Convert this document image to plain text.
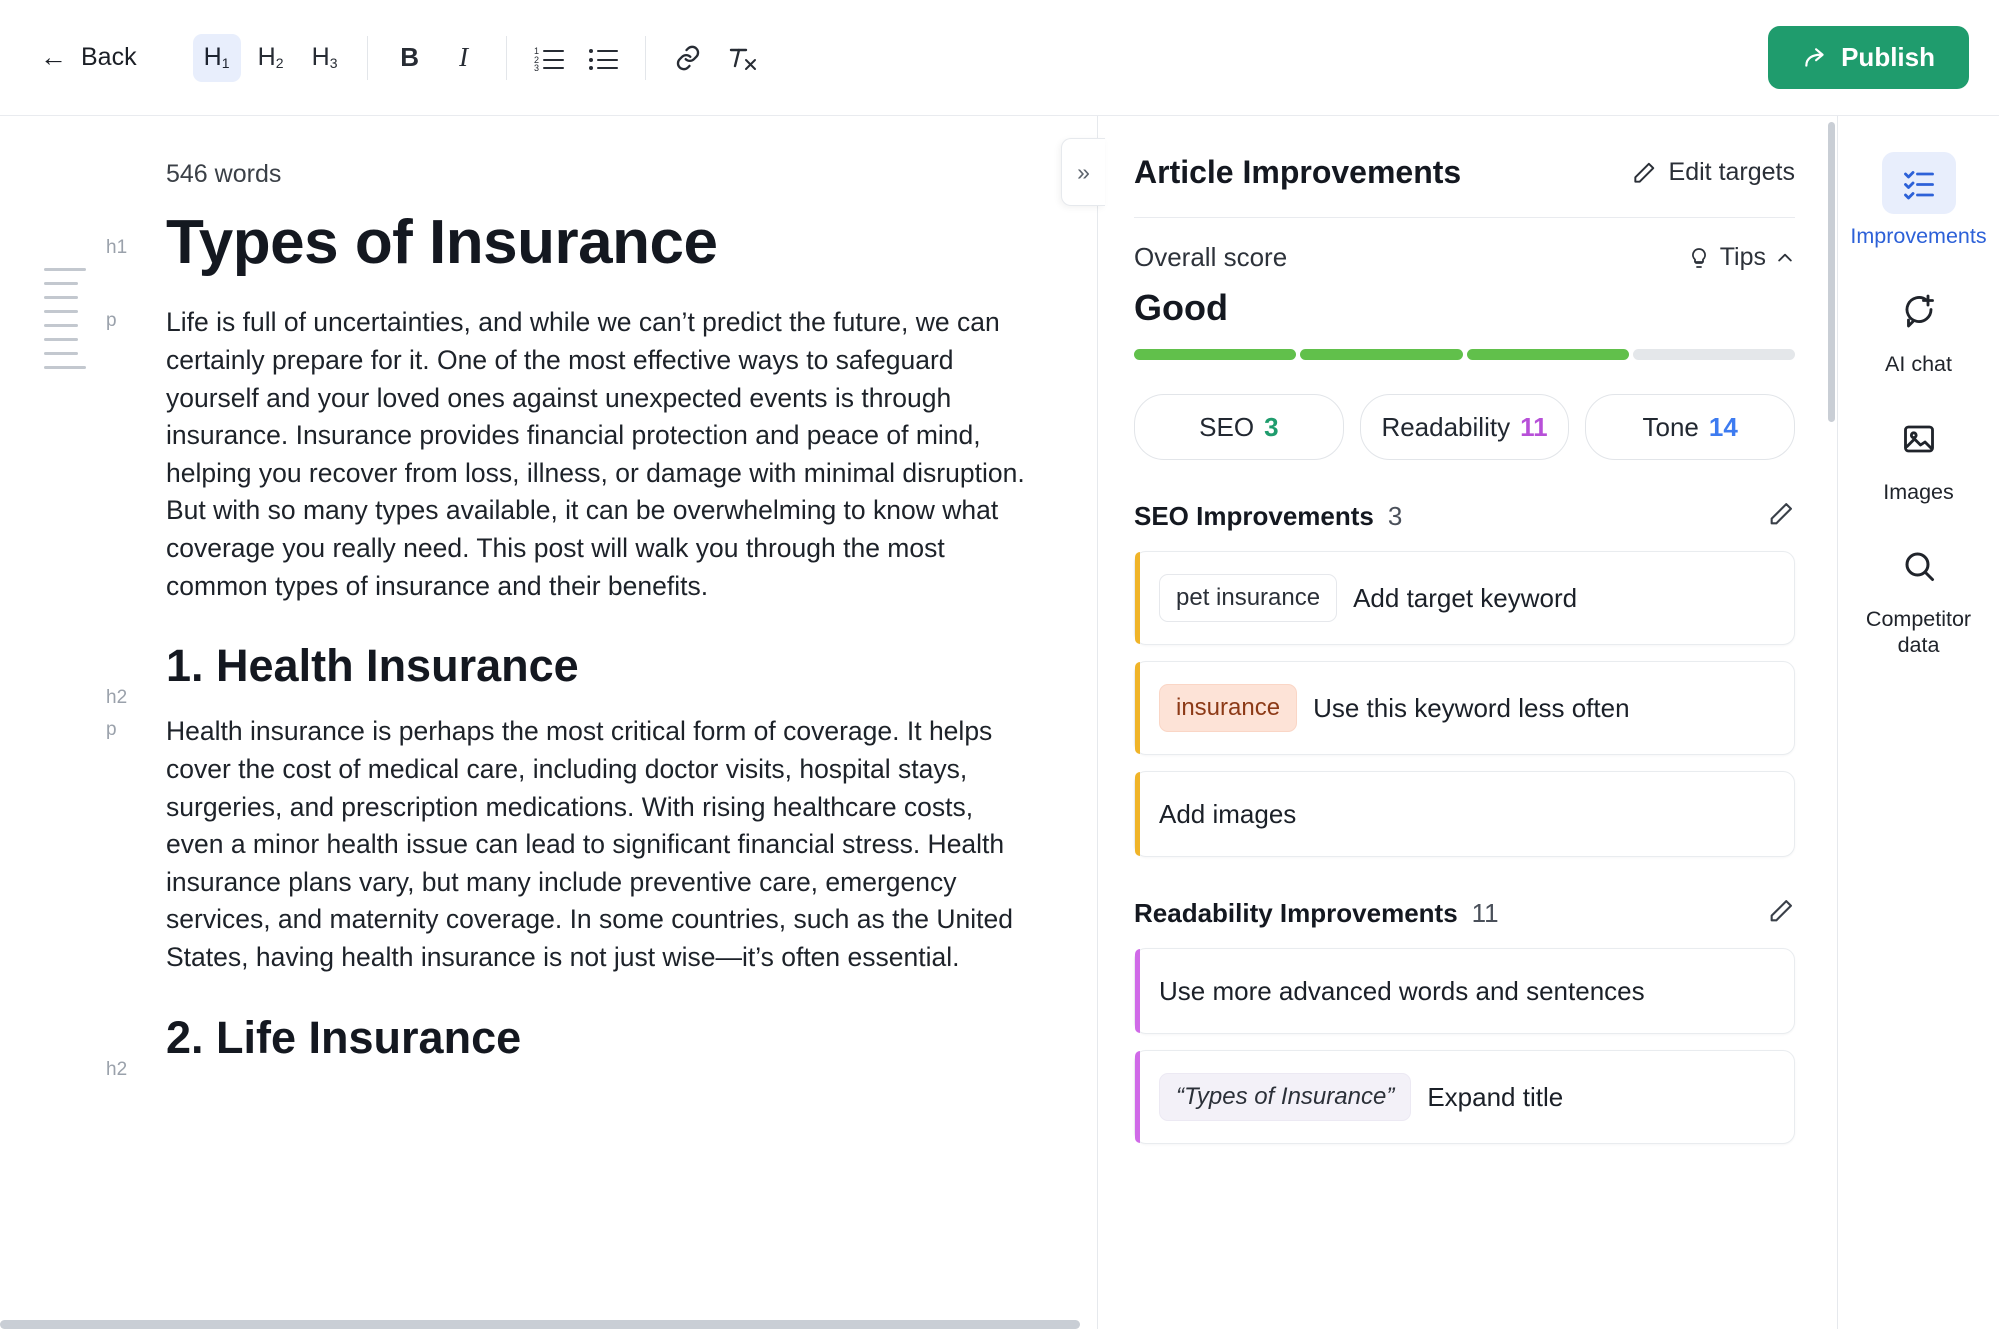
← Back	$H_1$	$H_2$	$H_3$	B	I	1
2
3	Publish
546 words
h1 Types of Insurance
p Life is full of uncertainties, and while we can’t predict the future, we can certainly prepare for it. One of the most effective ways to safeguard yourself and your loved ones against unexpected events is through insurance. Insurance provides financial protection and peace of mind, helping you recover from loss, illness, or damage with minimal disruption. But with so many types available, it can be overwhelming to know what coverage you really need. This post will walk you through the most common types of insurance and their benefits.
h2
1. Health Insurance
p Health insurance is perhaps the most critical form of coverage. It helps cover the cost of medical care, including doctor visits, hospital stays, surgeries, and prescription medications. With rising healthcare costs, even a minor health issue can lead to significant financial stress. Health insurance plans vary, but many include preventive care, emergency services, and maternity coverage. In some countries, such as the United States, having health insurance is not just wise—it’s often essential.
h2
2. Life Insurance
»	Article Improvements	Edit targets
Overall score	Tips
Good
SEO 3	Readability 11	Tone 14
SEO Improvements 3
pet insurance	Add target keyword
insurance	Use this keyword less often
Add images
Readability Improvements 11
Use more advanced words and sentences
“Types of Insurance”	Expand title
Improvements
AI chat
Images
Competitor data
